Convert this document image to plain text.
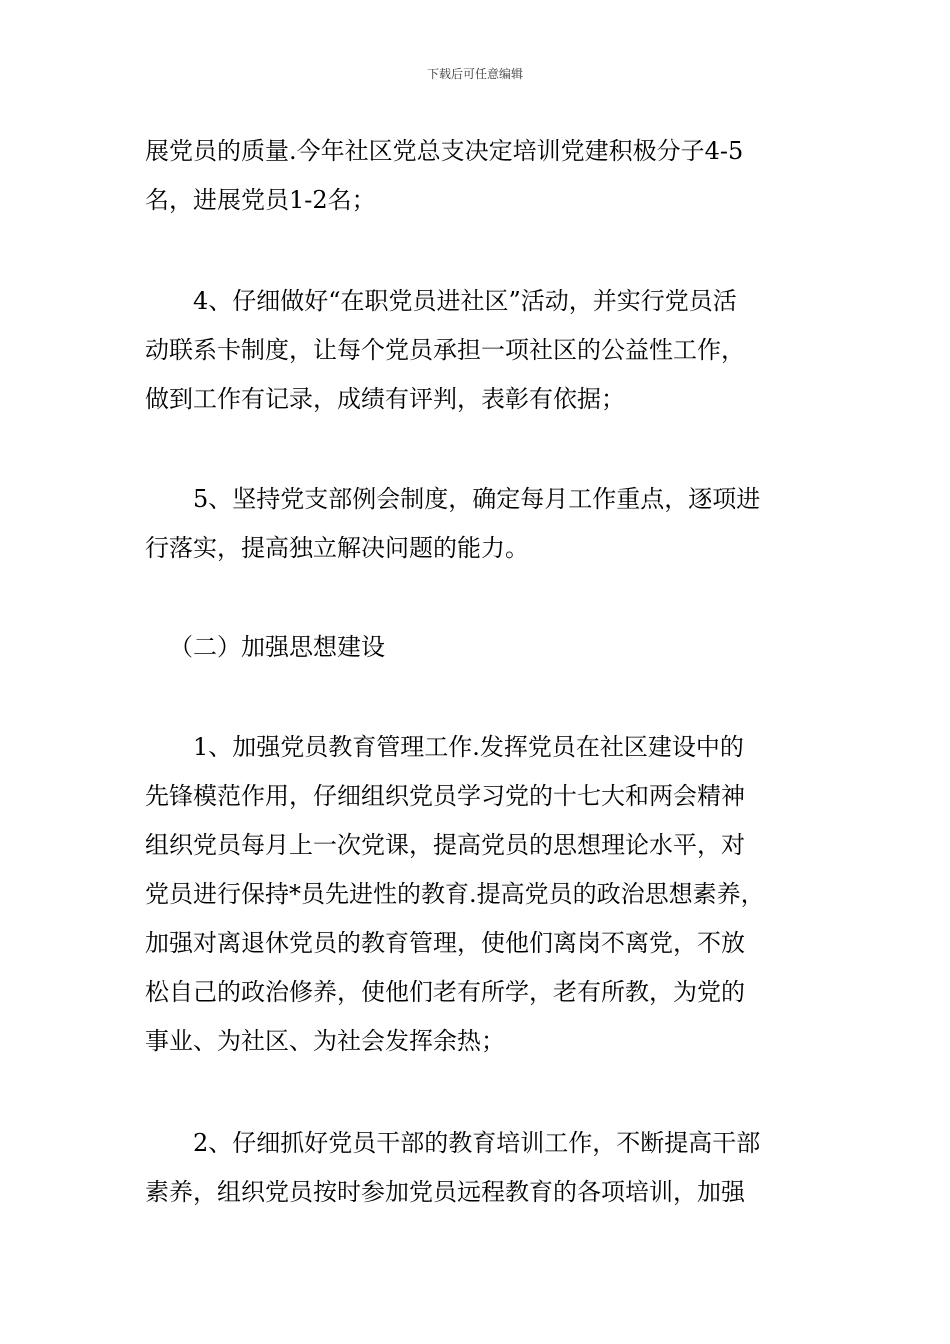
下载后可任意编辑
展党员的质量.今年社区党总支决定培训党建积极分子4-5
名，进展党员1-2名；
4、仔细做好“在职党员进社区”活动，并实行党员活
动联系卡制度，让每个党员承担一项社区的公益性工作，
做到工作有记录，成绩有评判，表彰有依据；
5、坚持党支部例会制度，确定每月工作重点，逐项进
行落实，提高独立解决问题的能力。
（二）加强思想建设
1、加强党员教育管理工作.发挥党员在社区建设中的
先锋模范作用，仔细组织党员学习党的十七大和两会精神
组织党员每月上一次党课，提高党员的思想理论水平，对
党员进行保持*员先进性的教育.提高党员的政治思想素养，
加强对离退休党员的教育管理，使他们离岗不离党，不放
松自己的政治修养，使他们老有所学，老有所教，为党的
事业、为社区、为社会发挥余热；
2、仔细抓好党员干部的教育培训工作，不断提高干部
素养，组织党员按时参加党员远程教育的各项培训，加强
